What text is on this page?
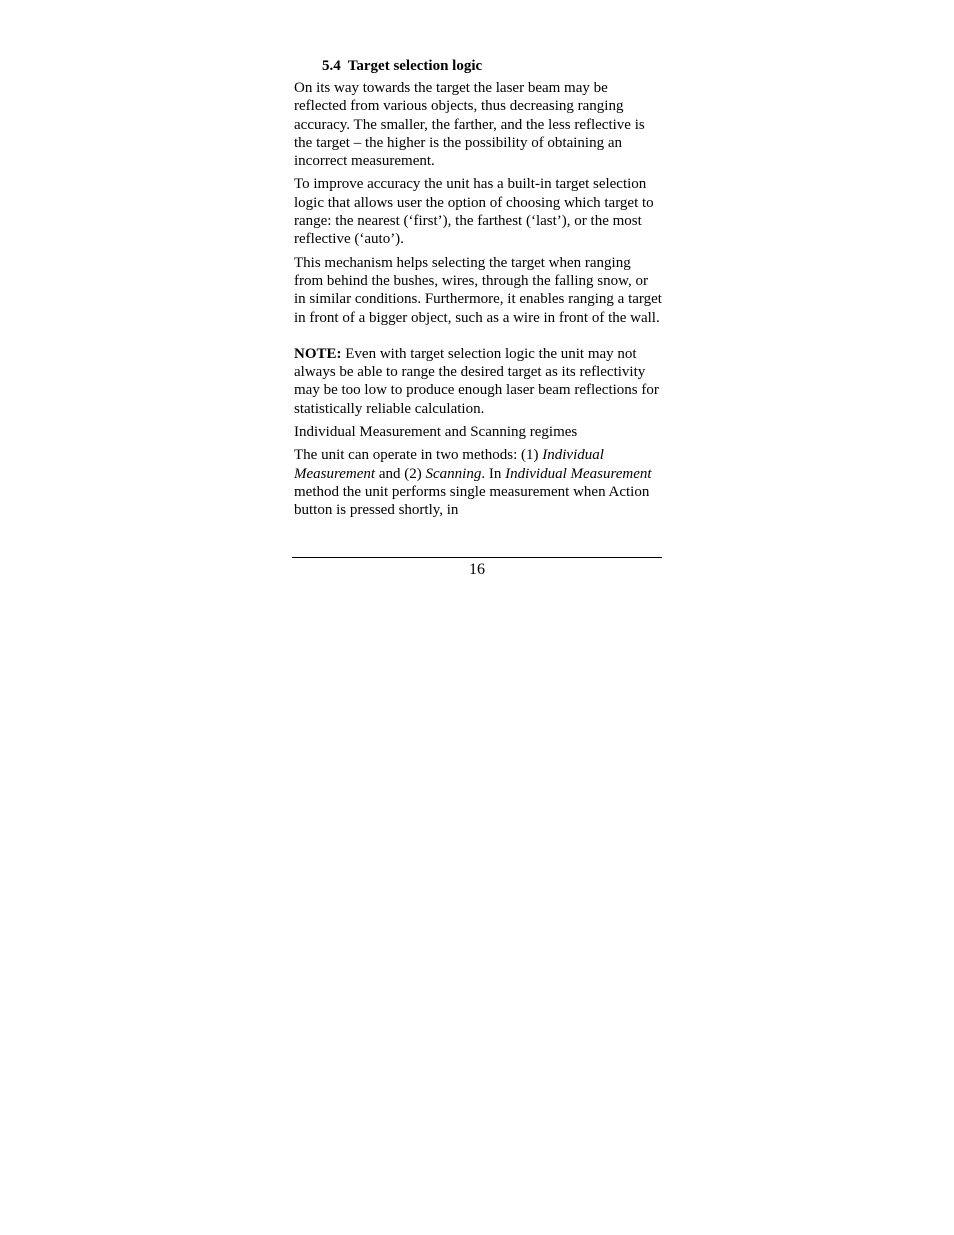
5.4 Target selection logic

On its way towards the target the laser beam may be reflected from various objects, thus decreasing ranging accuracy. The smaller, the farther, and the less reflective is the target – the higher is the possibility of obtaining an incorrect measurement.

To improve accuracy the unit has a built-in target selection logic that allows user the option of choosing which target to range: the nearest (‘first’), the farthest (‘last’), or the most reflective (‘auto’).

This mechanism helps selecting the target when ranging from behind the bushes, wires, through the falling snow, or in similar conditions. Furthermore, it enables ranging a target in front of a bigger object, such as a wire in front of the wall.

NOTE: Even with target selection logic the unit may not always be able to range the desired target as its reflectivity may be too low to produce enough laser beam reflections for statistically reliable calculation.

Individual Measurement and Scanning regimes

The unit can operate in two methods: (1) Individual Measurement and (2) Scanning. In Individual Measurement method the unit performs single measurement when Action button is pressed shortly, in

16
